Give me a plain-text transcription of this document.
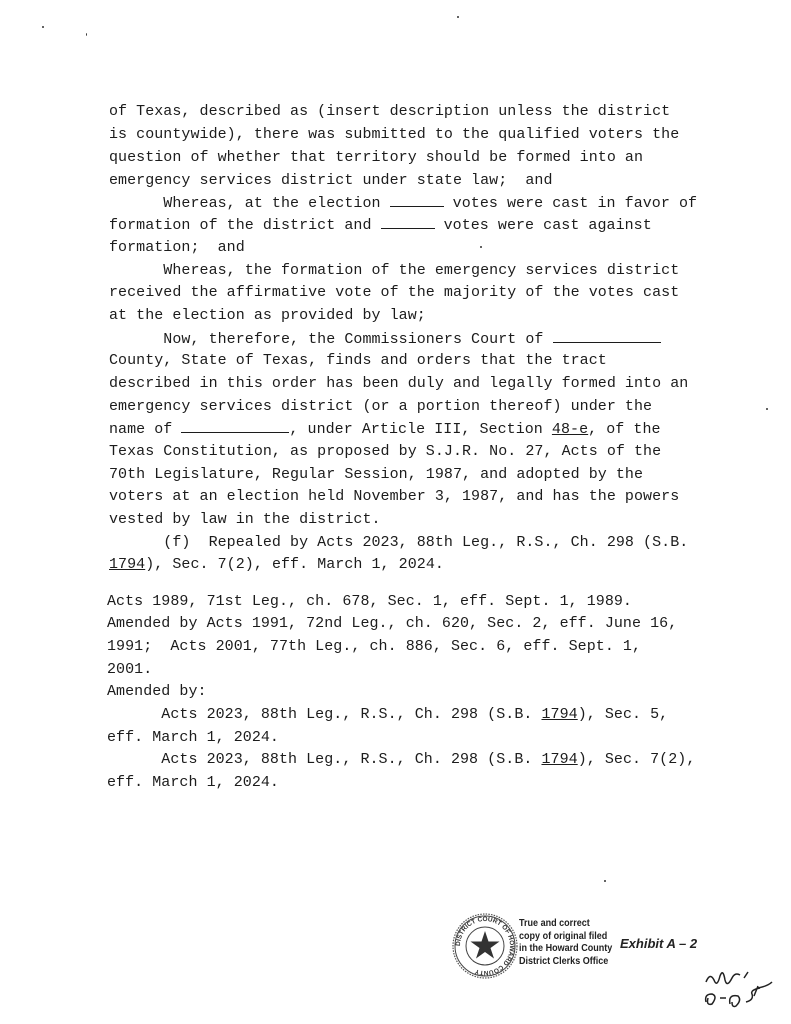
of Texas, described as (insert description unless the district
is countywide), there was submitted to the qualified voters the
question of whether that territory should be formed into an
emergency services district under state law;  and
Whereas, at the election	votes were cast in favor of
formation of the district and	votes were cast against
formation;  and
Whereas, the formation of the emergency services district
received the affirmative vote of the majority of the votes cast
at the election as provided by law;
Now, therefore, the Commissioners Court of
County, State of Texas, finds and orders that the tract
described in this order has been duly and legally formed into an
emergency services district (or a portion thereof) under the
name of	, under Article III, Section 48-e, of the
Texas Constitution, as proposed by S.J.R. No. 27, Acts of the
70th Legislature, Regular Session, 1987, and adopted by the
voters at an election held November 3, 1987, and has the powers
vested by law in the district.
(f)  Repealed by Acts 2023, 88th Leg., R.S., Ch. 298 (S.B.
1794), Sec. 7(2), eff. March 1, 2024.
Acts 1989, 71st Leg., ch. 678, Sec. 1, eff. Sept. 1, 1989.
Amended by Acts 1991, 72nd Leg., ch. 620, Sec. 2, eff. June 16,
1991;  Acts 2001, 77th Leg., ch. 886, Sec. 6, eff. Sept. 1,
2001.
Amended by:
Acts 2023, 88th Leg., R.S., Ch. 298 (S.B. 1794), Sec. 5,
eff. March 1, 2024.
Acts 2023, 88th Leg., R.S., Ch. 298 (S.B. 1794), Sec. 7(2),
eff. March 1, 2024.
DISTRICT COURT OF HOWARD COUNTY
True and correct
copy of original filed
in the Howard County
District Clerks Office
Exhibit A – 2
